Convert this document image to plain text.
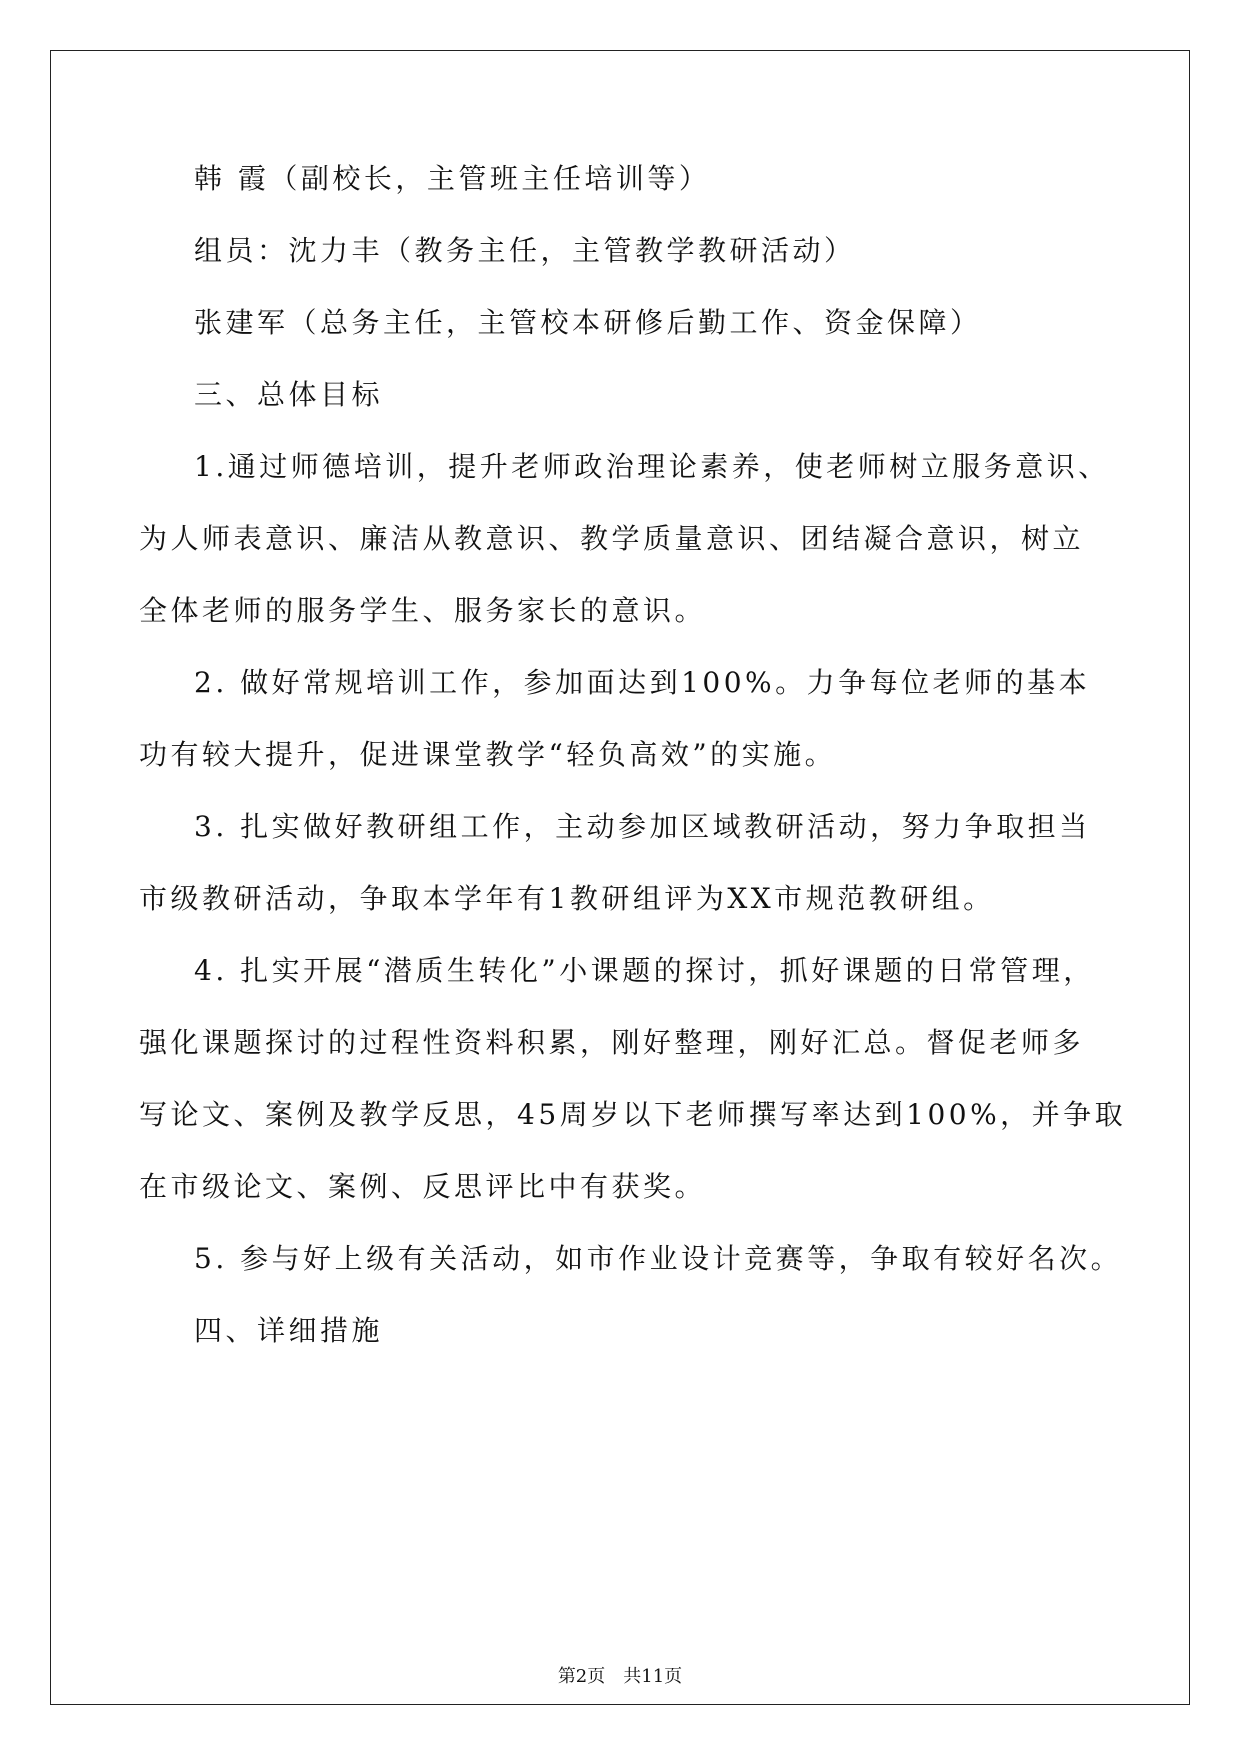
韩 霞（副校长，主管班主任培训等）
组员：沈力丰（教务主任，主管教学教研活动）
张建军（总务主任，主管校本研修后勤工作、资金保障）
三、总体目标
1.通过师德培训，提升老师政治理论素养，使老师树立服务意识、
为人师表意识、廉洁从教意识、教学质量意识、团结凝合意识，树立
全体老师的服务学生、服务家长的意识。
2. 做好常规培训工作，参加面达到100%。力争每位老师的基本
功有较大提升，促进课堂教学“轻负高效”的实施。
3. 扎实做好教研组工作，主动参加区域教研活动，努力争取担当
市级教研活动，争取本学年有1教研组评为XX市规范教研组。
4. 扎实开展“潜质生转化”小课题的探讨，抓好课题的日常管理，
强化课题探讨的过程性资料积累，刚好整理，刚好汇总。督促老师多
写论文、案例及教学反思，45周岁以下老师撰写率达到100%，并争取
在市级论文、案例、反思评比中有获奖。
5. 参与好上级有关活动，如市作业设计竞赛等，争取有较好名次。
四、详细措施
第2页　共11页
